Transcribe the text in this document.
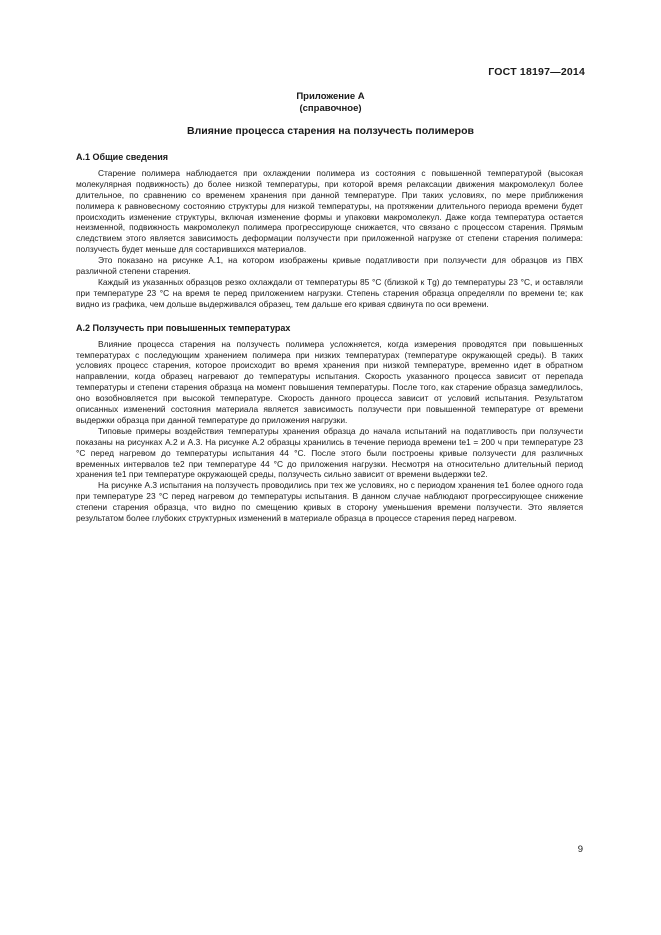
ГОСТ 18197—2014
Приложение А
(справочное)
Влияние процесса старения на ползучесть полимеров
А.1 Общие сведения

Старение полимера наблюдается при охлаждении полимера из состояния с повышенной температурой (высокая молекулярная подвижность) до более низкой температуры, при которой время релаксации движения макромолекул более длительное, по сравнению со временем хранения при данной температуре. При таких условиях, по мере приближения полимера к равновесному состоянию структуры для низкой температуры, на протяжении длительного периода времени будет происходить изменение структуры, включая изменение формы и упаковки макромолекул. Даже когда температура остается неизменной, подвижность макромолекул полимера прогрессирующе снижается, что связано с процессом старения. Прямым следствием этого является зависимость деформации ползучести при приложенной нагрузке от степени старения полимера: ползучесть будет меньше для состарившихся материалов.

Это показано на рисунке А.1, на котором изображены кривые податливости при ползучести для образцов из ПВХ различной степени старения.

Каждый из указанных образцов резко охлаждали от температуры 85 °С (близкой к Tg) до температуры 23 °С, и оставляли при температуре 23 °С на время te перед приложением нагрузки. Степень старения образца определяли по времени te; как видно из графика, чем дольше выдерживался образец, тем дальше его кривая сдвинута по оси времени.

А.2 Ползучесть при повышенных температурах

Влияние процесса старения на ползучесть полимера усложняется, когда измерения проводятся при повышенных температурах с последующим хранением полимера при низких температурах (температуре окружающей среды). В таких условиях процесс старения, которое происходит во время хранения при низкой температуре, временно идет в обратном направлении, когда образец нагревают до температуры испытания. Скорость указанного процесса зависит от перепада температуры и степени старения образца на момент повышения температуры. После того, как старение образца замедлилось, оно возобновляется при высокой температуре. Скорость данного процесса зависит от условий испытания. Результатом описанных изменений состояния материала является зависимость ползучести при повышенной температуре от времени выдержки образца при данной температуре до приложения нагрузки.

Типовые примеры воздействия температуры хранения образца до начала испытаний на податливость при ползучести показаны на рисунках А.2 и А.3. На рисунке А.2 образцы хранились в течение периода времени te1 = 200 ч при температуре 23 °С перед нагревом до температуры испытания 44 °С. После этого были построены кривые ползучести для различных временных интервалов te2 при температуре 44 °С до приложения нагрузки. Несмотря на относительно длительный период хранения te1 при температуре окружающей среды, ползучесть сильно зависит от времени выдержки te2.

На рисунке А.3 испытания на ползучесть проводились при тех же условиях, но с периодом хранения te1 более одного года при температуре 23 °С перед нагревом до температуры испытания. В данном случае наблюдают прогрессирующее снижение степени старения образца, что видно по смещению кривых в сторону уменьшения времени ползучести. Это является результатом более глубоких структурных изменений в материале образца в процессе старения перед нагревом.

9
